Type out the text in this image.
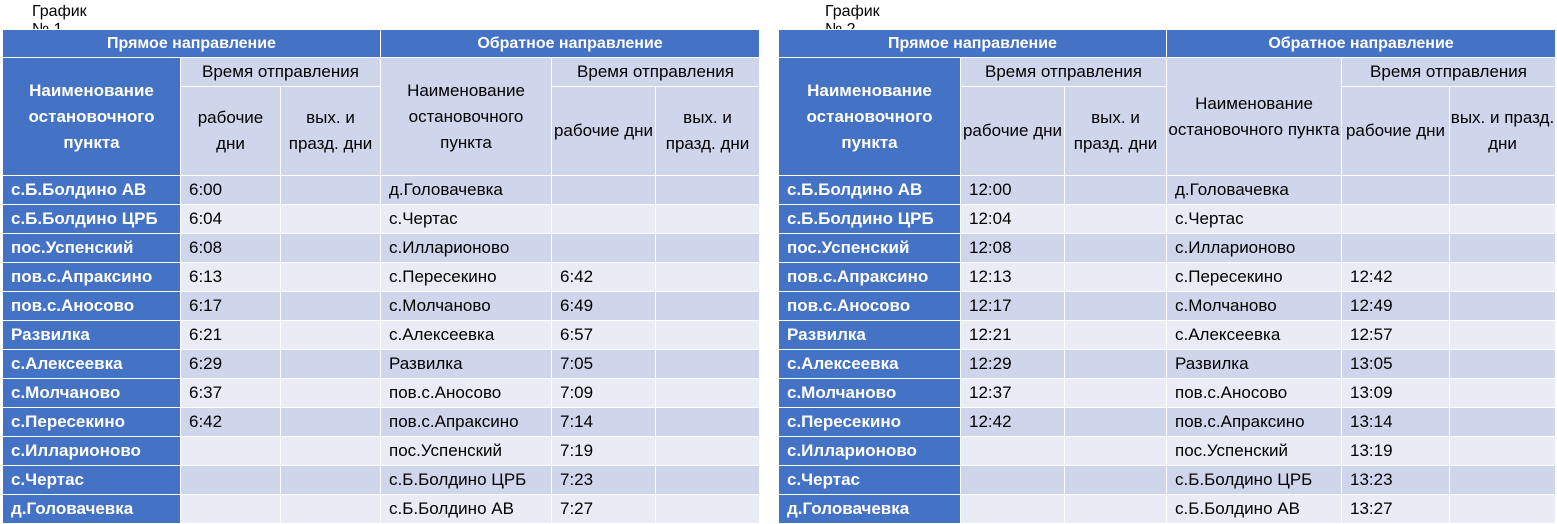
График
Прямое направление			Обратное направление		
Наименование остановочного пункта	Время отправления		Наименование остановочного пункта	Время отправления	
	рабочие дни	вых. и празд. дни		рабочие дни	вых. и празд. дни
с.Б.Болдино АВ	6:00		д.Головачевка		
с.Б.Болдино ЦРБ	6:04		с.Чертас		
пос.Успенский	6:08		с.Илларионово		
пов.с.Апраксино	6:13		с.Пересекино	6:42	
пов.с.Аносово	6:17		с.Молчаново	6:49	
Развилка	6:21		с.Алексеевка	6:57	
с.Алексеевка	6:29		Развилка	7:05	
с.Молчаново	6:37		пов.с.Аносово	7:09	
с.Пересекино	6:42		пов.с.Апраксино	7:14	
с.Илларионово			пос.Успенский	7:19	
с.Чертас			с.Б.Болдино ЦРБ	7:23	
д.Головачевка			с.Б.Болдино АВ	7:27	
График
Прямое направление			Обратное направление		
Наименование остановочного пункта	Время отправления		Наименование остановочного пункта	Время отправления	
	рабочие дни	вых. и празд. дни		рабочие дни	вых. и празд. дни
с.Б.Болдино АВ	12:00		д.Головачевка		
с.Б.Болдино ЦРБ	12:04		с.Чертас		
пос.Успенский	12:08		с.Илларионово		
пов.с.Апраксино	12:13		с.Пересекино	12:42	
пов.с.Аносово	12:17		с.Молчаново	12:49	
Развилка	12:21		с.Алексеевка	12:57	
с.Алексеевка	12:29		Развилка	13:05	
с.Молчаново	12:37		пов.с.Аносово	13:09	
с.Пересекино	12:42		пов.с.Апраксино	13:14	
с.Илларионово			пос.Успенский	13:19	
с.Чертас			с.Б.Болдино ЦРБ	13:23	
д.Головачевка			с.Б.Болдино АВ	13:27	
